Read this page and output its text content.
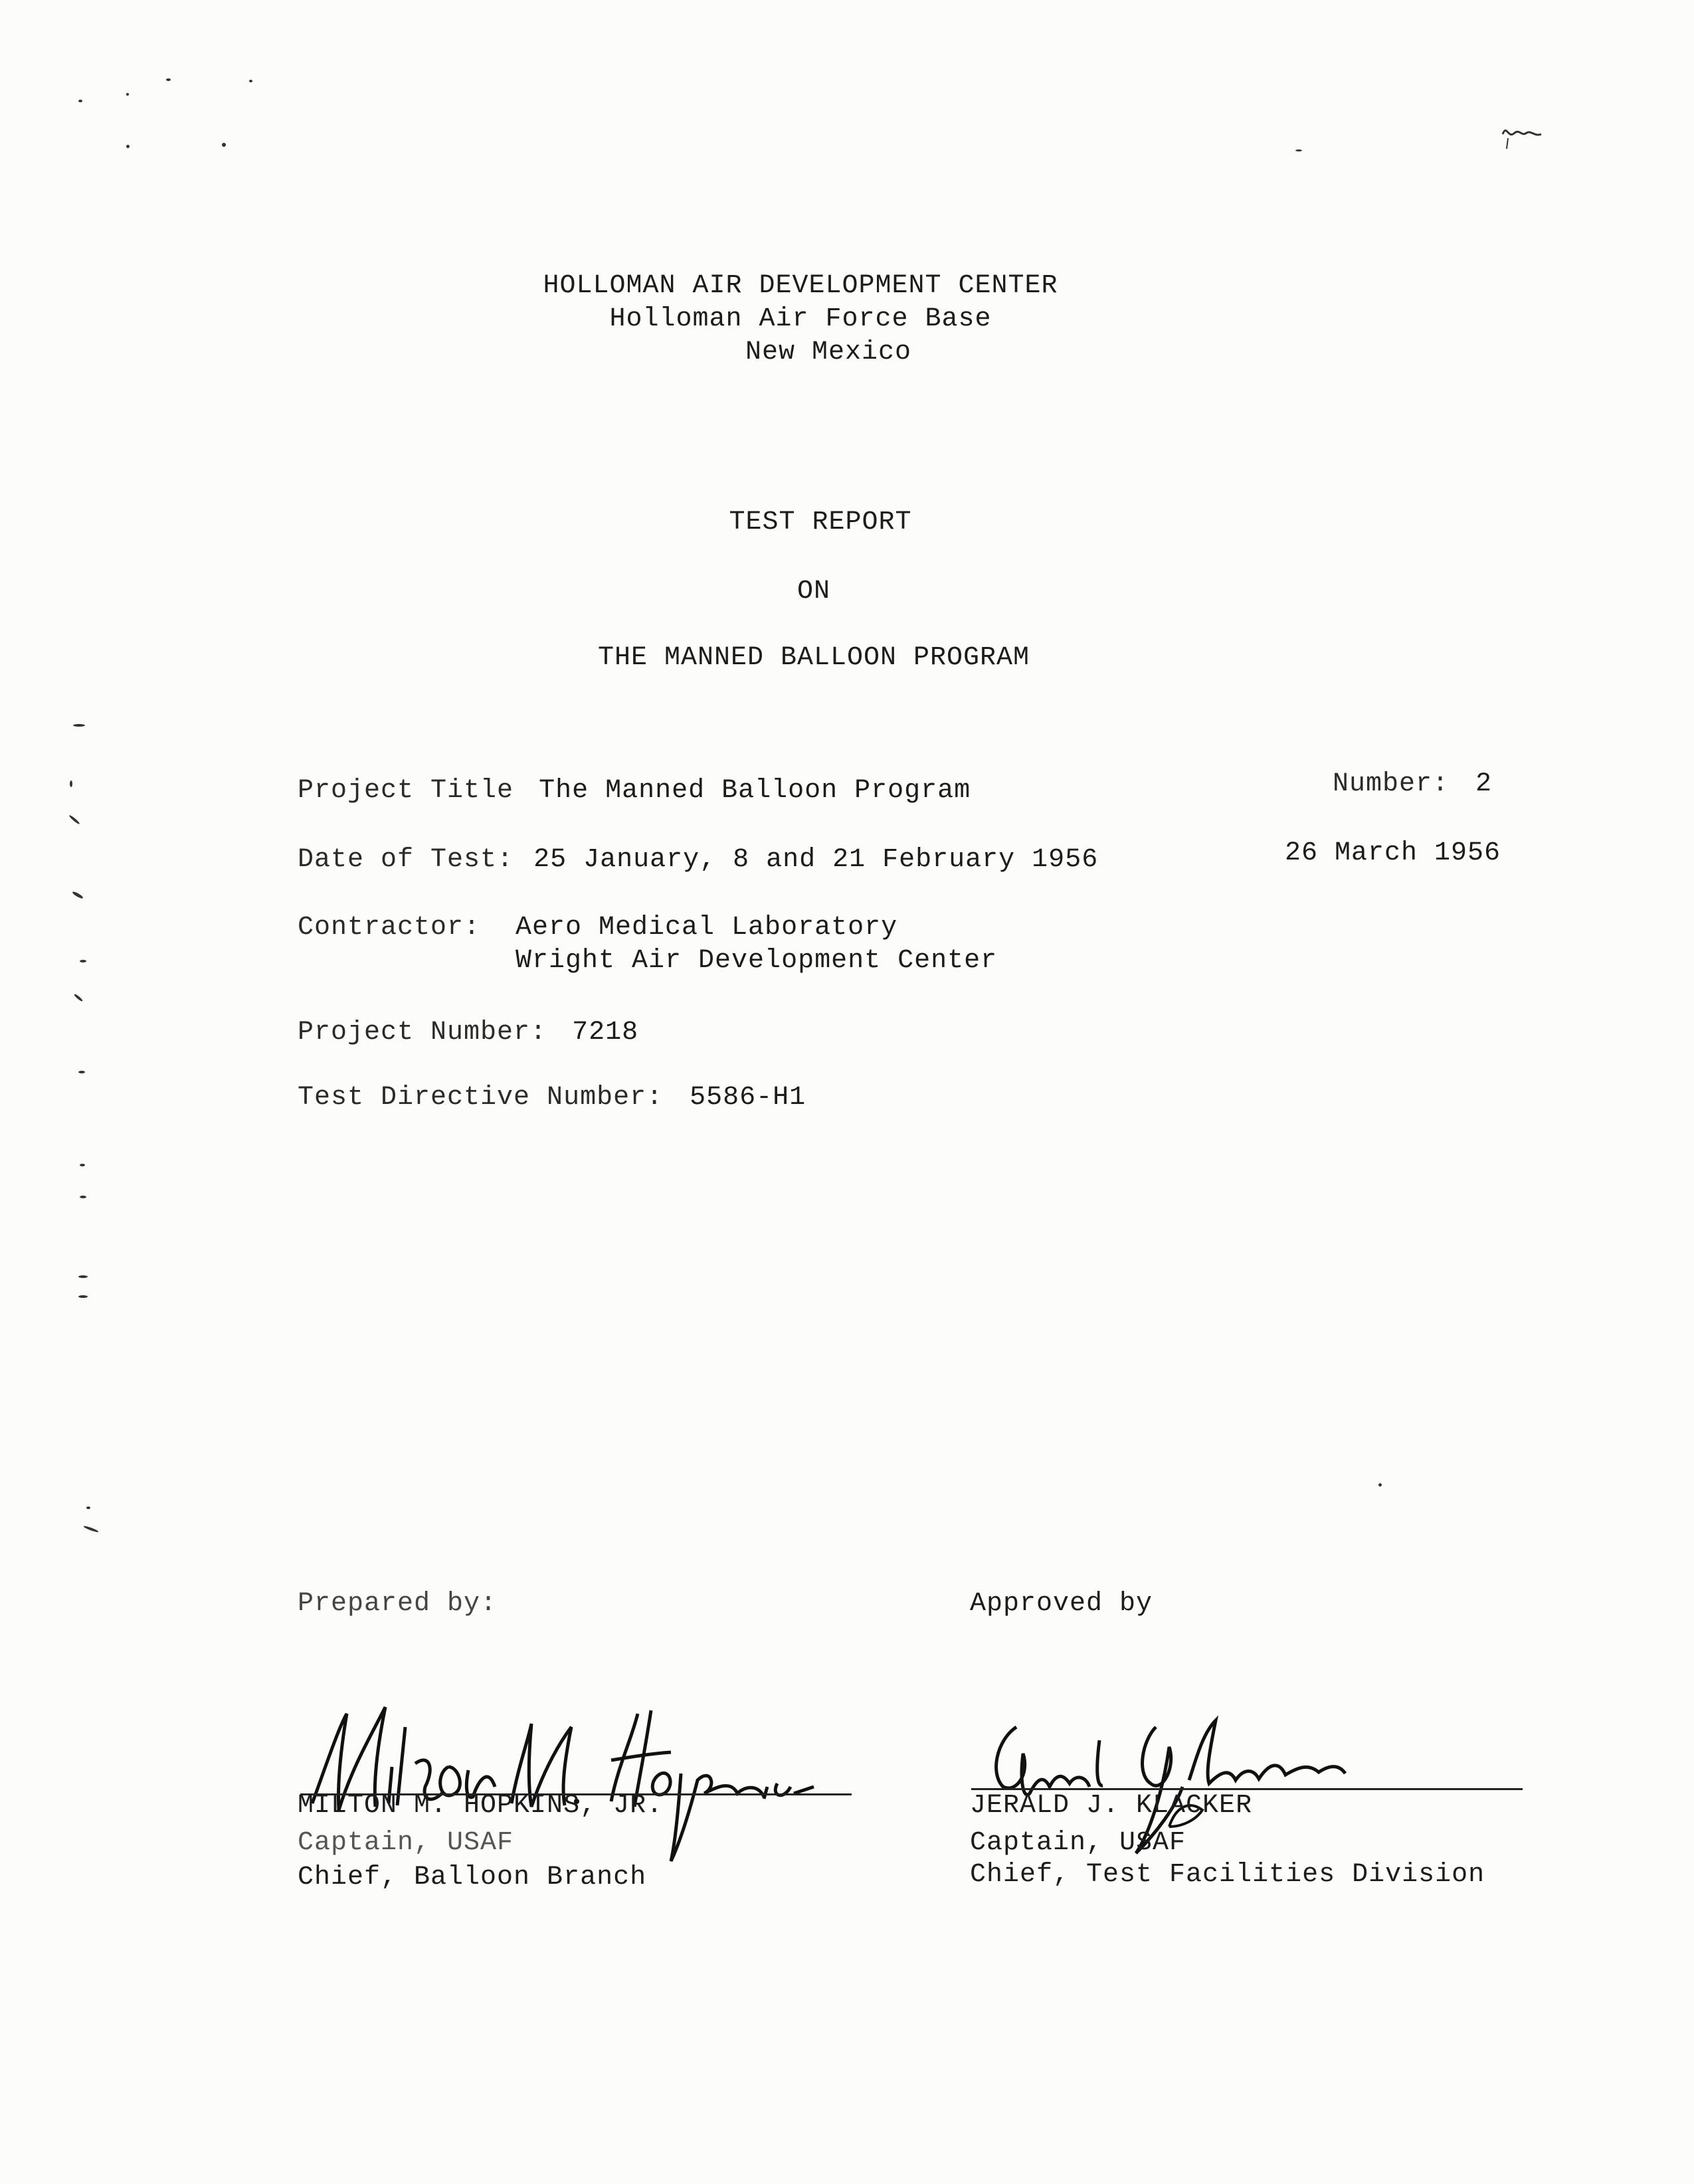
HOLLOMAN AIR DEVELOPMENT CENTER
Holloman Air Force Base
New Mexico
TEST REPORT
ON
THE MANNED BALLOON PROGRAM
Project Title The Manned Balloon Program	Number: 2
Date of Test: 25 January, 8 and 21 February 1956	26 March 1956
Contractor: Aero Medical Laboratory
Wright Air Development Center
Project Number: 7218
Test Directive Number: 5586-H1
Prepared by:
MILTON M. HOPKINS, JR.
Captain, USAF
Chief, Balloon Branch
Approved by
JERALD J. KLACKER
Captain, USAF
Chief, Test Facilities Division
